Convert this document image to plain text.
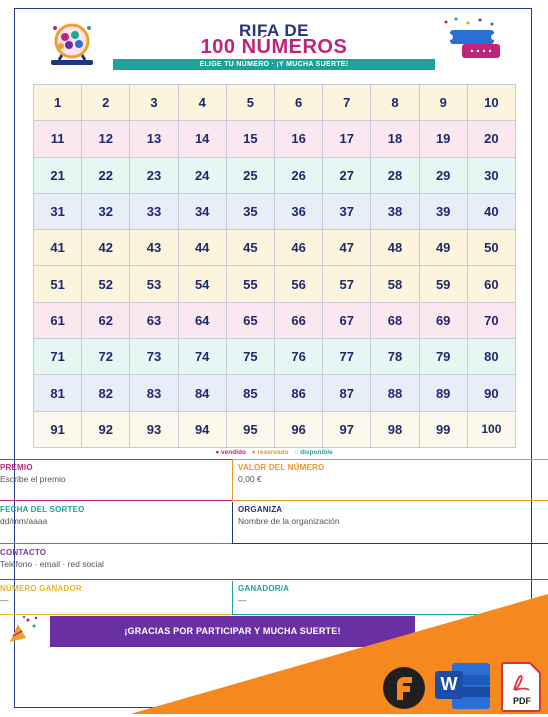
RIFA DE
100 NÚMEROS
ELIGE TU NÚMERO · ¡Y MUCHA SUERTE!
1	2	3	4	5	6	7	8	9	10
11	12	13	14	15	16	17	18	19	20
21	22	23	24	25	26	27	28	29	30
31	32	33	34	35	36	37	38	39	40
41	42	43	44	45	46	47	48	49	50
51	52	53	54	55	56	57	58	59	60
61	62	63	64	65	66	67	68	69	70
71	72	73	74	75	76	77	78	79	80
81	82	83	84	85	86	87	88	89	90
91	92	93	94	95	96	97	98	99	100
● vendido ● reservado ○ disponible
PREMIO
Escribe el premio
VALOR DEL NÚMERO
0,00 €
FECHA DEL SORTEO
dd/mm/aaaa
ORGANIZA
Nombre de la organización
CONTACTO
Teléfono · email · red social
NÚMERO GANADOR
—
GANADOR/A
—
¡GRACIAS POR PARTICIPAR Y MUCHA SUERTE!
W
PDF
